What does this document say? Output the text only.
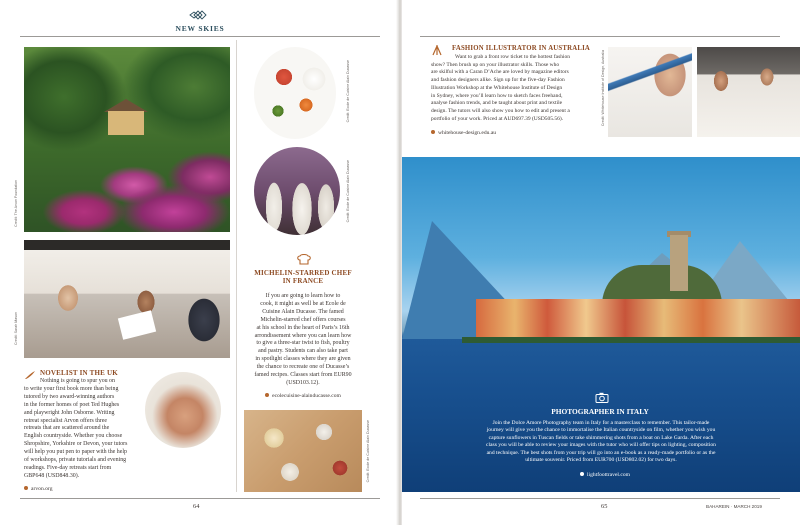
NEW SKIES
Credit: The Arvon Foundation
Credit: Sarah Mason
NOVELIST IN THE UK
Nothing is going to spur you on
to write your first book more than being
tutored by two award-winning authors
in the former homes of poet Ted Hughes
and playwright John Osborne. Writing
retreat specialist Arvon offers three
retreats that are scattered around the
English countryside. Whether you choose
Shropshire, Yorkshire or Devon, your tutors
will help you put pen to paper with the help
of workshops, private tutorials and evening
readings. Five-day retreats start from
GBP648 (USD848.30).
arvon.org
Credit: Ecole de Cuisine Alain Ducasse
Credit: Ecole de Cuisine Alain Ducasse
MICHELIN-STARRED CHEF
IN FRANCE
If you are going to learn how to
cook, it might as well be at Ecole de
Cuisine Alain Ducasse. The famed
Michelin-starred chef offers courses
at his school in the heart of Paris’s 16th
arrondissement where you can learn how
to give a three-star twist to fish, poultry
and pastry. Students can also take part
in spotlight classes where they are given
the chance to recreate one of Ducasse’s
famed recipes. Classes start from EUR90
(USD103.12).
ecolecuisine-alainducasse.com
Credit: Ecole de Cuisine Alain Ducasse
64
FASHION ILLUSTRATOR IN AUSTRALIA
Want to grab a front row ticket to the hottest fashion
show? Then brush up on your illustrator skills. Those who
are skilful with a Caran D’Ache are loved by magazine editors
and fashion designers alike. Sign up for the five-day Fashion
Illustration Workshop at the Whitehouse Institute of Design
in Sydney, where you’ll learn how to sketch faces freehand,
analyse fashion trends, and be taught about print and textile
design. The tutors will also show you how to edit and present a
portfolio of your work. Priced at AUD697.39 (USD505.56).
whitehouse-design.edu.au
Credit: Whitehouse Institute of Design, Australia
PHOTOGRAPHER IN ITALY
Join the Dolce Amore Photography team in Italy for a masterclass to remember. This tailor-made
journey will give you the chance to immortalise the Italian countryside on film, whether you wish you
capture sunflowers in Tuscan fields or take shimmering shots from a boat on Lake Garda. After each
class you will be able to review your images with the tutor who will offer tips on lighting, composition
and technique. The best shots from your trip will go into an e-book as a ready-made portfolio or as the
ultimate souvenir. Priced from EUR700 (USD802.02) for two days.
lightfoottravel.com
65	BAHAREIN · MARCH 2019
